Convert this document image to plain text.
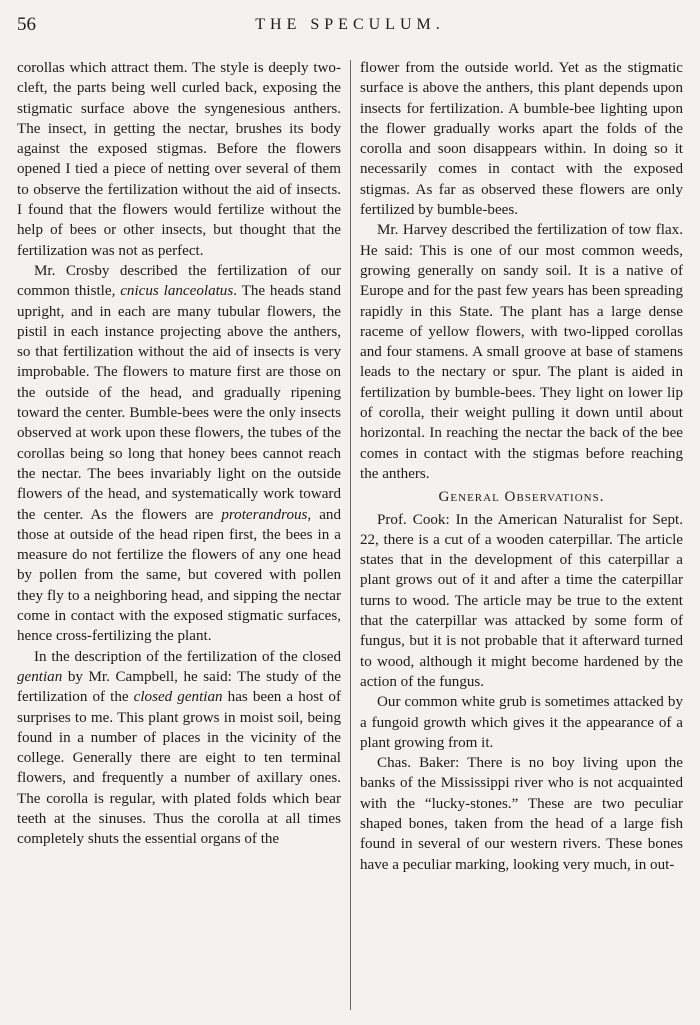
56	THE SPECULUM.

corollas which attract them. The style is deeply two-cleft, the parts being well curled back, exposing the stigmatic surface above the syngenesious anthers. The insect, in getting the nectar, brushes its body against the exposed stigmas. Before the flowers opened I tied a piece of netting over several of them to observe the fertilization without the aid of insects. I found that the flowers would fertilize without the help of bees or other insects, but thought that the fertilization was not as perfect.

Mr. Crosby described the fertilization of our common thistle, cnicus lanceolatus. The heads stand upright, and in each are many tubular flowers, the pistil in each instance projecting above the anthers, so that fertilization without the aid of insects is very improbable. The flowers to mature first are those on the outside of the head, and gradually ripening toward the center. Bumble-bees were the only insects observed at work upon these flowers, the tubes of the corollas being so long that honey bees cannot reach the nectar. The bees invariably light on the outside flowers of the head, and systematically work toward the center. As the flowers are proterandrous, and those at outside of the head ripen first, the bees in a measure do not fertilize the flowers of any one head by pollen from the same, but covered with pollen they fly to a neighboring head, and sipping the nectar come in contact with the exposed stigmatic surfaces, hence cross-fertilizing the plant.

In the description of the fertilization of the closed gentian by Mr. Campbell, he said: The study of the fertilization of the closed gentian has been a host of surprises to me. This plant grows in moist soil, being found in a number of places in the vicinity of the college. Generally there are eight to ten terminal flowers, and frequently a number of axillary ones. The corolla is regular, with plated folds which bear teeth at the sinuses. Thus the corolla at all times completely shuts the essential organs of the

flower from the outside world. Yet as the stigmatic surface is above the anthers, this plant depends upon insects for fertilization. A bumble-bee lighting upon the flower gradually works apart the folds of the corolla and soon disappears within. In doing so it necessarily comes in contact with the exposed stigmas. As far as observed these flowers are only fertilized by bumble-bees.

Mr. Harvey described the fertilization of tow flax. He said: This is one of our most common weeds, growing generally on sandy soil. It is a native of Europe and for the past few years has been spreading rapidly in this State. The plant has a large dense raceme of yellow flowers, with two-lipped corollas and four stamens. A small groove at base of stamens leads to the nectary or spur. The plant is aided in fertilization by bumble-bees. They light on lower lip of corolla, their weight pulling it down until about horizontal. In reaching the nectar the back of the bee comes in contact with the stigmas before reaching the anthers.

General Observations.

Prof. Cook: In the American Naturalist for Sept. 22, there is a cut of a wooden caterpillar. The article states that in the development of this caterpillar a plant grows out of it and after a time the caterpillar turns to wood. The article may be true to the extent that the caterpillar was attacked by some form of fungus, but it is not probable that it afterward turned to wood, although it might become hardened by the action of the fungus.

Our common white grub is sometimes attacked by a fungoid growth which gives it the appearance of a plant growing from it.

Chas. Baker: There is no boy living upon the banks of the Mississippi river who is not acquainted with the “lucky-stones.” These are two peculiar shaped bones, taken from the head of a large fish found in several of our western rivers. These bones have a peculiar marking, looking very much, in out-
